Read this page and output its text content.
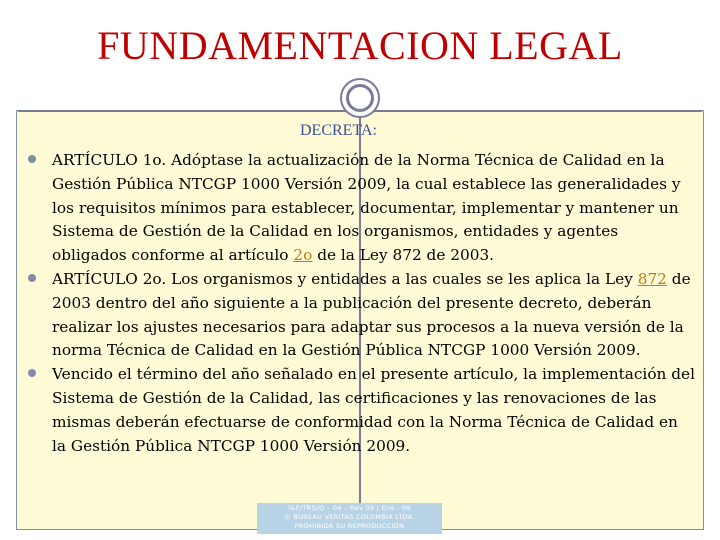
FUNDAMENTACION LEGAL
DECRETA:
ARTÍCULO 1o. Adóptase la actualización de la Norma Técnica de Calidad en la Gestión Pública NTCGP 1000 Versión 2009, la cual establece las generalidades y los requisitos mínimos para establecer, documentar, implementar y mantener un Sistema de Gestión de la Calidad en los organismos, entidades y agentes obligados conforme al artículo 2o de la Ley 872 de 2003.
ARTÍCULO 2o. Los organismos y entidades a las cuales se les aplica la Ley 872 de 2003 dentro del año siguiente a la publicación del presente decreto, deberán realizar los ajustes necesarios para adaptar sus procesos a la nueva versión de la norma Técnica de Calidad en la Gestión Pública NTCGP 1000 Versión 2009.
Vencido el término del año señalado en el presente artículo, la implementación del Sistema de Gestión de la Calidad, las certificaciones y las renovaciones de las mismas deberán efectuarse de conformidad con la Norma Técnica de Calidad en la Gestión Pública NTCGP 1000 Versión 2009.
I&F/TRG/Q – 04 – Rev 09 / Ene - 09
© BUREAU VERITAS COLOMBIA LTDA.
PROHIBIDA SU REPRODUCCIÓN
